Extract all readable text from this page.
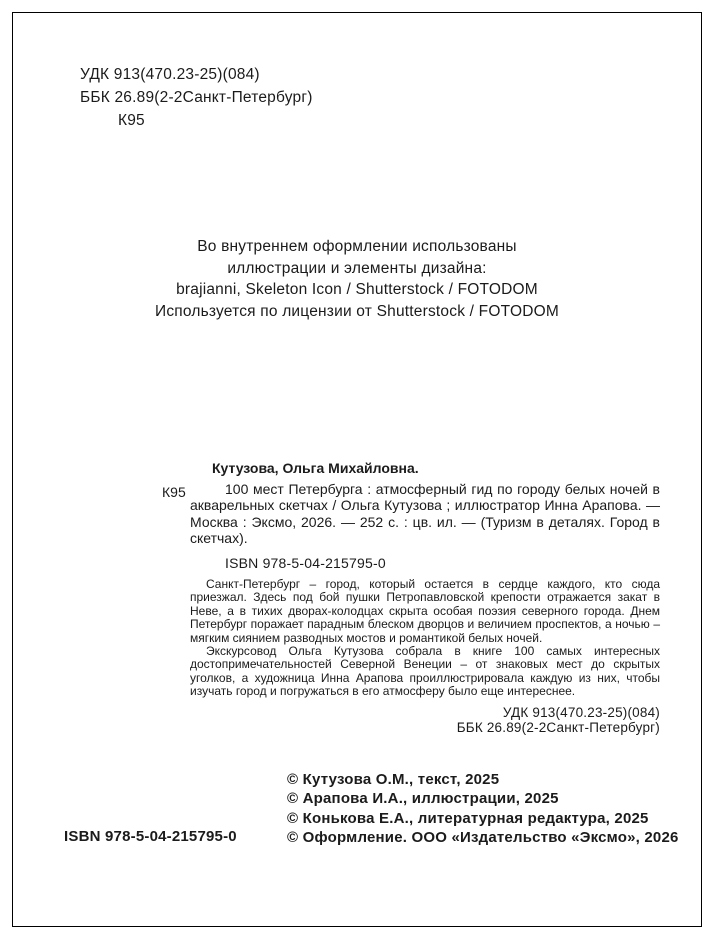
УДК 913(470.23-25)(084)
ББК 26.89(2-2Санкт-Петербург)
К95
Во внутреннем оформлении использованы
иллюстрации и элементы дизайна:
brajianni, Skeleton Icon / Shutterstock / FOTODOM
Используется по лицензии от Shutterstock / FOTODOM
К95
Кутузова, Ольга Михайловна.

100 мест Петербурга : атмосферный гид по городу белых ночей в акварельных скетчах / Ольга Кутузова ; иллюстратор Инна Арапова. — Москва : Эксмо, 2026. — 252 с. : цв. ил. — (Туризм в деталях. Город в скетчах).

ISBN 978-5-04-215795-0

Санкт-Петербург – город, который остается в сердце каждого, кто сюда приезжал. Здесь под бой пушки Петропавловской крепости отражается закат в Неве, а в тихих дворах-колодцах скрыта особая поэзия северного города. Днем Петербург поражает парадным блеском дворцов и величием проспектов, а ночью – мягким сиянием разводных мостов и романтикой белых ночей.

Экскурсовод Ольга Кутузова собрала в книге 100 самых интересных достопримечательностей Северной Венеции – от знаковых мест до скрытых уголков, а художница Инна Арапова проиллюстрировала каждую из них, чтобы изучать город и погружаться в его атмосферу было еще интереснее.

УДК 913(470.23-25)(084)
ББК 26.89(2-2Санкт-Петербург)
© Кутузова О.М., текст, 2025
© Арапова И.А., иллюстрации, 2025
© Конькова Е.А., литературная редактура, 2025
© Оформление. ООО «Издательство «Эксмо», 2026
ISBN 978-5-04-215795-0
